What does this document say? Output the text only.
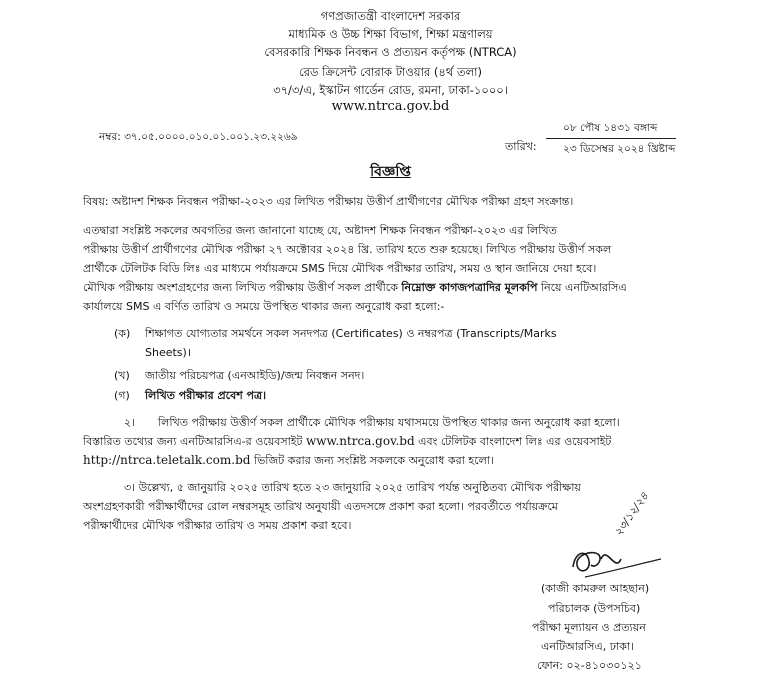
গণপ্রজাতন্ত্রী বাংলাদেশ সরকার
মাধ্যমিক ও উচ্চ শিক্ষা বিভাগ, শিক্ষা মন্ত্রণালয়
বেসরকারি শিক্ষক নিবন্ধন ও প্রত্যয়ন কর্তৃপক্ষ (NTRCA)
রেড ক্রিসেন্ট বোরাক টাওয়ার (৪র্থ তলা)
৩৭/৩/এ, ইস্কাটন গার্ডেন রোড, রমনা, ঢাকা-১০০০।
www.ntrca.gov.bd
নম্বর: ৩৭.০৫.০০০০.০১০.০১.০০১.২৩.২২৬৯
তারিখ:
০৮ পৌষ ১৪৩১ বঙ্গাব্দ
২৩ ডিসেম্বর ২০২৪ খ্রিষ্টাব্দ
বিজ্ঞপ্তি
বিষয়: অষ্টাদশ শিক্ষক নিবন্ধন পরীক্ষা-২০২৩ এর লিখিত পরীক্ষায় উত্তীর্ণ প্রার্থীগণের মৌখিক পরীক্ষা গ্রহণ সংক্রান্ত।
এতদ্বারা সংশ্লিষ্ট সকলের অবগতির জন্য জানানো যাচ্ছে যে, অষ্টাদশ শিক্ষক নিবন্ধন পরীক্ষা-২০২৩ এর লিখিত
পরীক্ষায় উত্তীর্ণ প্রার্থীগণের মৌখিক পরীক্ষা ২৭ অক্টোবর ২০২৪ খ্রি. তারিখ হতে শুরু হয়েছে। লিখিত পরীক্ষায় উত্তীর্ণ সকল
প্রার্থীকে টেলিটক বিডি লিঃ এর মাধ্যমে পর্যায়ক্রমে SMS দিয়ে মৌখিক পরীক্ষার তারিখ, সময় ও স্থান জানিয়ে দেয়া হবে।
মৌখিক পরীক্ষায় অংশগ্রহণের জন্য লিখিত পরীক্ষায় উত্তীর্ণ সকল প্রার্থীকে নিম্নোক্ত কাগজপত্রাদির মূলকপি নিয়ে এনটিআরসিএ
কার্যালয়ে SMS এ বর্ণিত তারিখ ও সময়ে উপস্থিত থাকার জন্য অনুরোধ করা হলো:-
(ক) শিক্ষাগত যোগ্যতার সমর্থনে সকল সনদপত্র (Certificates) ও নম্বরপত্র (Transcripts/Marks
Sheets)।
(খ) জাতীয় পরিচয়পত্র (এনআইডি)/জন্ম নিবন্ধন সনদ।
(গ) লিখিত পরীক্ষার প্রবেশ পত্র।
২। লিখিত পরীক্ষায় উত্তীর্ণ সকল প্রার্থীকে মৌখিক পরীক্ষায় যথাসময়ে উপস্থিত থাকার জন্য অনুরোধ করা হলো।
বিস্তারিত তথ্যের জন্য এনটিআরসিএ-র ওয়েবসাইট www.ntrca.gov.bd এবং টেলিটক বাংলাদেশ লিঃ এর ওয়েবসাইট
http://ntrca.teletalk.com.bd ভিজিট করার জন্য সংশ্লিষ্ট সকলকে অনুরোধ করা হলো।
৩। উল্লেখ্য, ৫ জানুয়ারি ২০২৫ তারিখ হতে ২৩ জানুয়ারি ২০২৫ তারিখ পর্যন্ত অনুষ্ঠিতব্য মৌখিক পরীক্ষায়
অংশগ্রহণকারী পরীক্ষার্থীদের রোল নম্বরসমূহ তারিখ অনুযায়ী এতদসঙ্গে প্রকাশ করা হলো। পরবর্তীতে পর্যায়ক্রমে
পরীক্ষার্থীদের মৌখিক পরীক্ষার তারিখ ও সময় প্রকাশ করা হবে।	২৩/১২/২৪
(কাজী কামরুল আহছান)
পরিচালক (উপসচিব)
পরীক্ষা মূল্যায়ন ও প্রত্যয়ন
এনটিআরসিএ, ঢাকা।
ফোন: ০২-৪১০৩০১২১
